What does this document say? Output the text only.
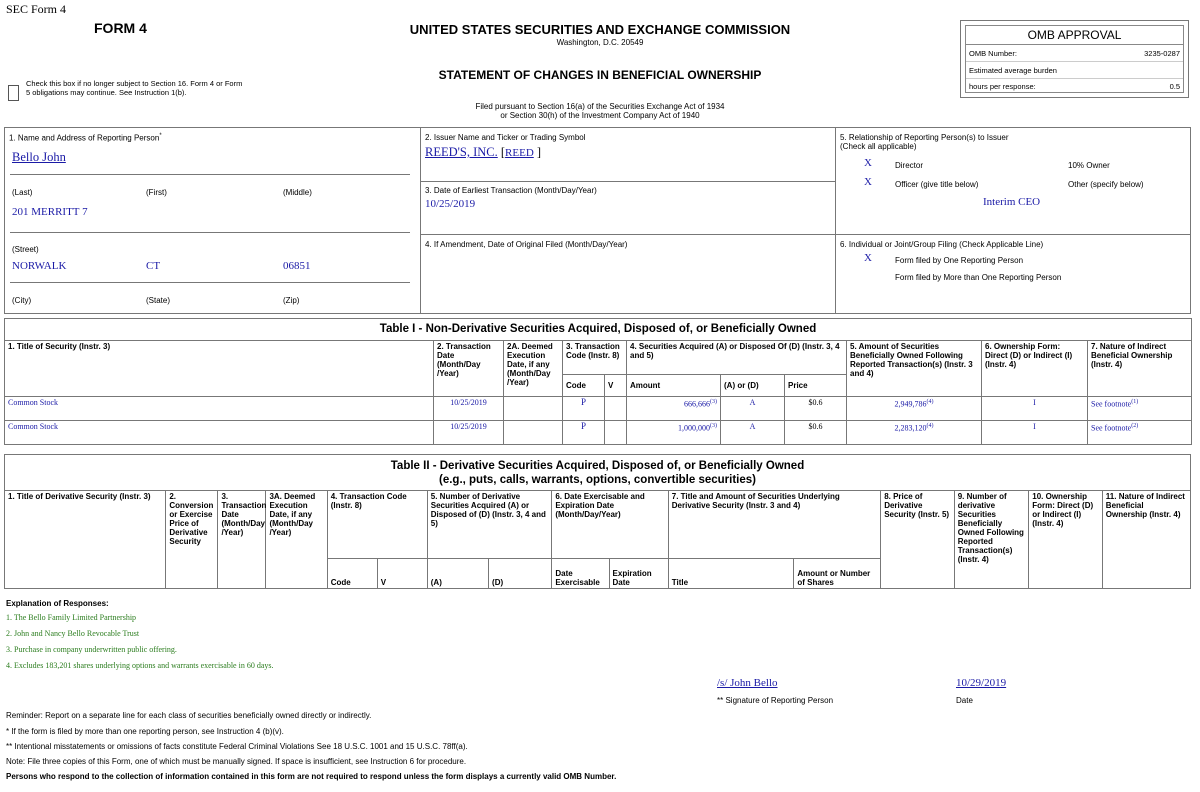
SEC Form 4
FORM 4
Check this box if no longer subject to Section 16. Form 4 or Form 5 obligations may continue. See Instruction 1(b).
UNITED STATES SECURITIES AND EXCHANGE COMMISSION
Washington, D.C. 20549
STATEMENT OF CHANGES IN BENEFICIAL OWNERSHIP
Filed pursuant to Section 16(a) of the Securities Exchange Act of 1934
or Section 30(h) of the Investment Company Act of 1940
OMB APPROVAL
OMB Number:	3235-0287
Estimated average burden
hours per response:	0.5
1. Name and Address of Reporting Person*
Bello John
(Last)	(First)	(Middle)
201 MERRITT 7
(Street)
NORWALK	CT	06851
(City)	(State)	(Zip)
2. Issuer Name and Ticker or Trading Symbol
REED'S, INC. [REED ]
3. Date of Earliest Transaction (Month/Day/Year)
10/25/2019
4. If Amendment, Date of Original Filed (Month/Day/Year)
5. Relationship of Reporting Person(s) to Issuer
(Check all applicable)
X	Director	10% Owner
X	Officer (give title below)	Other (specify below)
Interim CEO
6. Individual or Joint/Group Filing (Check Applicable Line)
X	Form filed by One Reporting Person
Form filed by More than One Reporting Person
Table I - Non-Derivative Securities Acquired, Disposed of, or Beneficially Owned										
1. Title of Security (Instr. 3)	2. Transaction Date (Month/Day /Year)	2A. Deemed Execution Date, if any (Month/Day /Year)	3. Transaction Code (Instr. 8)		4. Securities Acquired (A) or Disposed Of (D) (Instr. 3, 4 and 5)			5. Amount of Securities Beneficially Owned Following Reported Transaction(s) (Instr. 3 and 4)	6. Ownership Form: Direct (D) or Indirect (I) (Instr. 4)	7. Nature of Indirect Beneficial Ownership (Instr. 4)
			Code	V	Amount	(A) or (D)	Price			
Common Stock	10/25/2019		P		666,666$^{(3)}$	A	$0.6	2,949,786$^{(4)}$	I	See footnote$^{(1)}$
Common Stock	10/25/2019		P		1,000,000$^{(3)}$	A	$0.6	2,283,120$^{(4)}$	I	See footnote$^{(2)}$
Table II - Derivative Securities Acquired, Disposed of, or Beneficially Owned
(e.g., puts, calls, warrants, options, convertible securities)															

1. Title of Derivative Security (Instr. 3)	2. Conversion or Exercise Price of Derivative Security	3. Transaction Date (Month/Day /Year)	3A. Deemed Execution Date, if any (Month/Day /Year)	4. Transaction Code (Instr. 8)		5. Number of Derivative Securities Acquired (A) or Disposed of (D) (Instr. 3, 4 and 5)		6. Date Exercisable and Expiration Date (Month/Day/Year)		7. Title and Amount of Securities Underlying Derivative Security (Instr. 3 and 4)		8. Price of Derivative Security (Instr. 5)	9. Number of derivative Securities Beneficially Owned Following Reported Transaction(s) (Instr. 4)	10. Ownership Form: Direct (D) or Indirect (I) (Instr. 4)	11. Nature of Indirect Beneficial Ownership (Instr. 4)
				Code	V	(A)	(D)	Date Exercisable	Expiration Date	Title	Amount or Number of Shares				
Explanation of Responses:
1. The Bello Family Limited Partnership
2. John and Nancy Bello Revocable Trust
3. Purchase in company underwritten public offering.
4. Excludes 183,201 shares underlying options and warrants exercisable in 60 days.
/s/ John Bello	10/29/2019
** Signature of Reporting Person	Date
Reminder: Report on a separate line for each class of securities beneficially owned directly or indirectly.
* If the form is filed by more than one reporting person, see Instruction 4 (b)(v).
** Intentional misstatements or omissions of facts constitute Federal Criminal Violations See 18 U.S.C. 1001 and 15 U.S.C. 78ff(a).
Note: File three copies of this Form, one of which must be manually signed. If space is insufficient, see Instruction 6 for procedure.
Persons who respond to the collection of information contained in this form are not required to respond unless the form displays a currently valid OMB Number.
